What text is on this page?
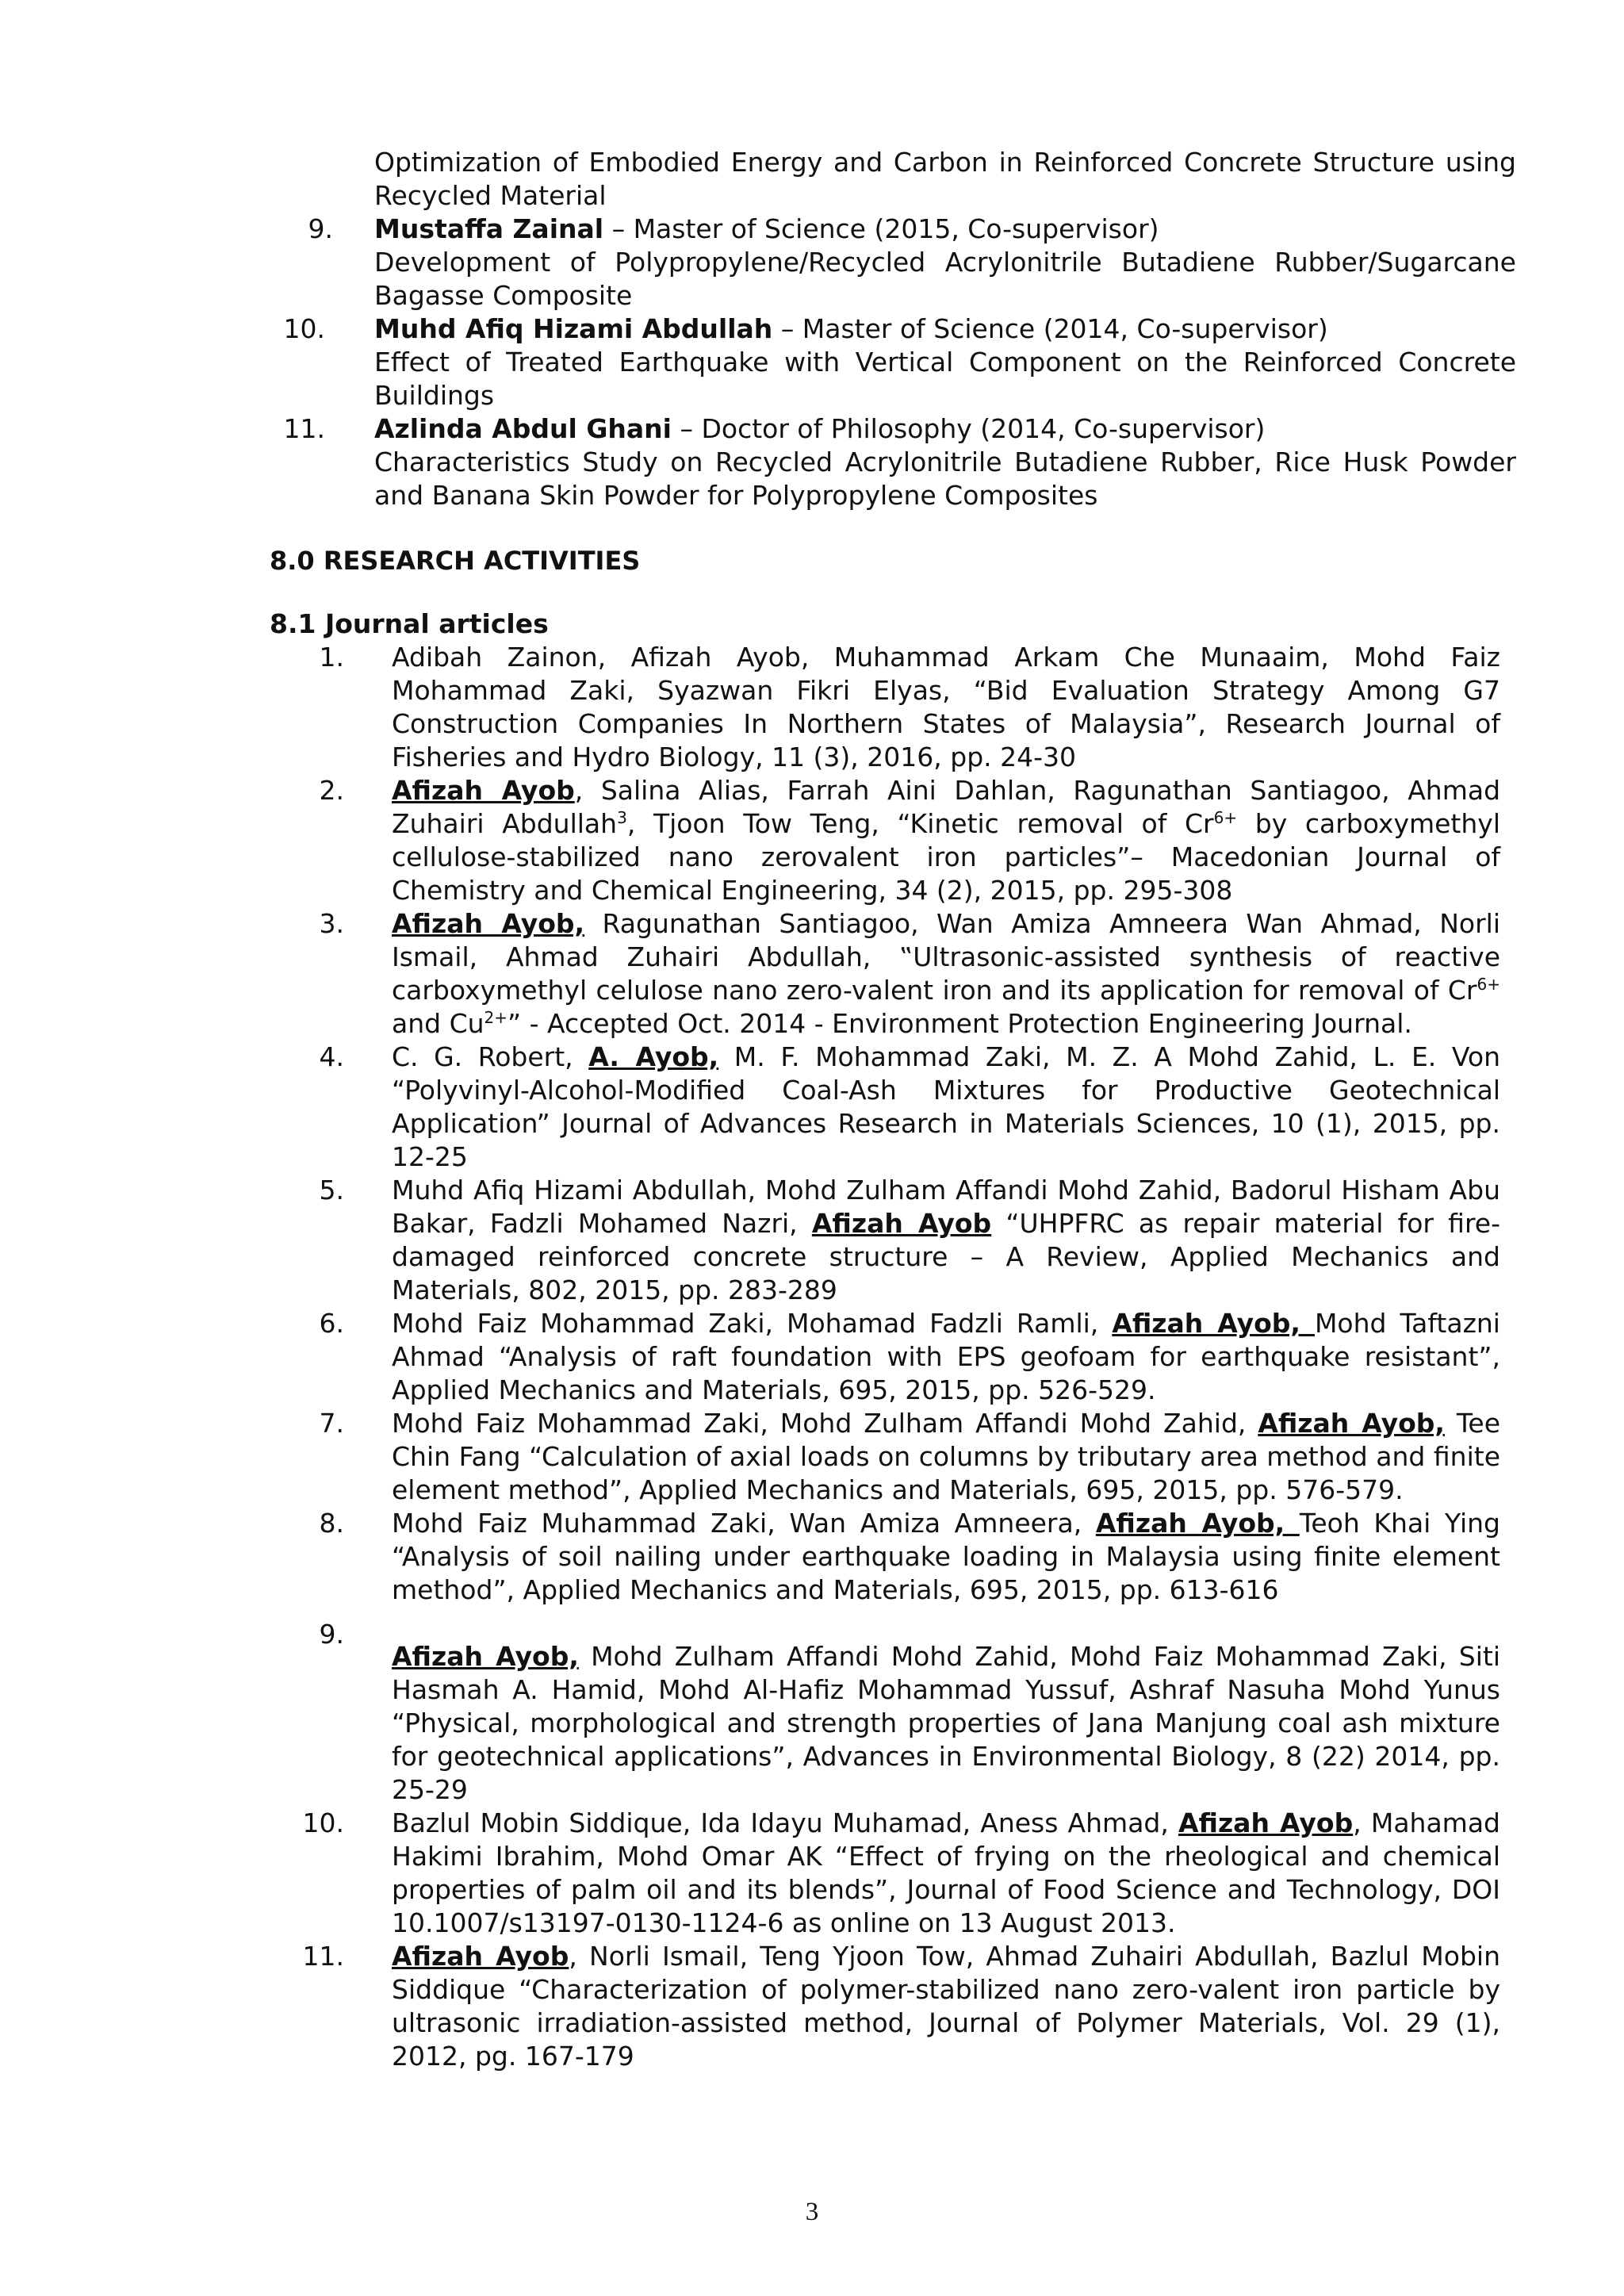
Optimization of Embodied Energy and Carbon in Reinforced Concrete Structure using Recycled Material
9. Mustaffa Zainal – Master of Science (2015, Co-supervisor)
Development of Polypropylene/Recycled Acrylonitrile Butadiene Rubber/Sugarcane Bagasse Composite
10. Muhd Afiq Hizami Abdullah – Master of Science (2014, Co-supervisor)
Effect of Treated Earthquake with Vertical Component on the Reinforced Concrete Buildings
11. Azlinda Abdul Ghani – Doctor of Philosophy (2014, Co-supervisor)
Characteristics Study on Recycled Acrylonitrile Butadiene Rubber, Rice Husk Powder and Banana Skin Powder for Polypropylene Composites
8.0 RESEARCH ACTIVITIES
8.1 Journal articles
1. Adibah Zainon, Afizah Ayob, Muhammad Arkam Che Munaaim, Mohd Faiz Mohammad Zaki, Syazwan Fikri Elyas, “Bid Evaluation Strategy Among G7 Construction Companies In Northern States of Malaysia”, Research Journal of Fisheries and Hydro Biology, 11 (3), 2016, pp. 24-30
2. Afizah Ayob, Salina Alias, Farrah Aini Dahlan, Ragunathan Santiagoo, Ahmad Zuhairi Abdullah$^3$, Tjoon Tow Teng, “Kinetic removal of $Cr^{6+}$ by carboxymethyl cellulose-stabilized nano zerovalent iron particles”– Macedonian Journal of Chemistry and Chemical Engineering, 34 (2), 2015, pp. 295-308
3. Afizah Ayob, Ragunathan Santiagoo, Wan Amiza Amneera Wan Ahmad, Norli Ismail, Ahmad Zuhairi Abdullah, ‟Ultrasonic-assisted synthesis of reactive carboxymethyl celulose nano zero-valent iron and its application for removal of $Cr^{6+}$ and $Cu^{2+}$” - Accepted Oct. 2014 - Environment Protection Engineering Journal.
4. C. G. Robert, A. Ayob, M. F. Mohammad Zaki, M. Z. A Mohd Zahid, L. E. Von “Polyvinyl-Alcohol-Modified Coal-Ash Mixtures for Productive Geotechnical Application” Journal of Advances Research in Materials Sciences, 10 (1), 2015, pp. 12-25
5. Muhd Afiq Hizami Abdullah, Mohd Zulham Affandi Mohd Zahid, Badorul Hisham Abu Bakar, Fadzli Mohamed Nazri, Afizah Ayob “UHPFRC as repair material for fire-damaged reinforced concrete structure – A Review, Applied Mechanics and Materials, 802, 2015, pp. 283-289
6. Mohd Faiz Mohammad Zaki, Mohamad Fadzli Ramli, Afizah Ayob, Mohd Taftazni Ahmad “Analysis of raft foundation with EPS geofoam for earthquake resistant”, Applied Mechanics and Materials, 695, 2015, pp. 526-529.
7. Mohd Faiz Mohammad Zaki, Mohd Zulham Affandi Mohd Zahid, Afizah Ayob, Tee Chin Fang “Calculation of axial loads on columns by tributary area method and finite element method”, Applied Mechanics and Materials, 695, 2015, pp. 576-579.
8. Mohd Faiz Muhammad Zaki, Wan Amiza Amneera, Afizah Ayob, Teoh Khai Ying “Analysis of soil nailing under earthquake loading in Malaysia using finite element method”, Applied Mechanics and Materials, 695, 2015, pp. 613-616
9.
Afizah Ayob, Mohd Zulham Affandi Mohd Zahid, Mohd Faiz Mohammad Zaki, Siti Hasmah A. Hamid, Mohd Al-Hafiz Mohammad Yussuf, Ashraf Nasuha Mohd Yunus “Physical, morphological and strength properties of Jana Manjung coal ash mixture for geotechnical applications”, Advances in Environmental Biology, 8 (22) 2014, pp. 25-29
10. Bazlul Mobin Siddique, Ida Idayu Muhamad, Aness Ahmad, Afizah Ayob, Mahamad Hakimi Ibrahim, Mohd Omar AK “Effect of frying on the rheological and chemical properties of palm oil and its blends”, Journal of Food Science and Technology, DOI 10.1007/s13197-0130-1124-6 as online on 13 August 2013.
11. Afizah Ayob, Norli Ismail, Teng Yjoon Tow, Ahmad Zuhairi Abdullah, Bazlul Mobin Siddique “Characterization of polymer-stabilized nano zero-valent iron particle by ultrasonic irradiation-assisted method, Journal of Polymer Materials, Vol. 29 (1), 2012, pg. 167-179
3
